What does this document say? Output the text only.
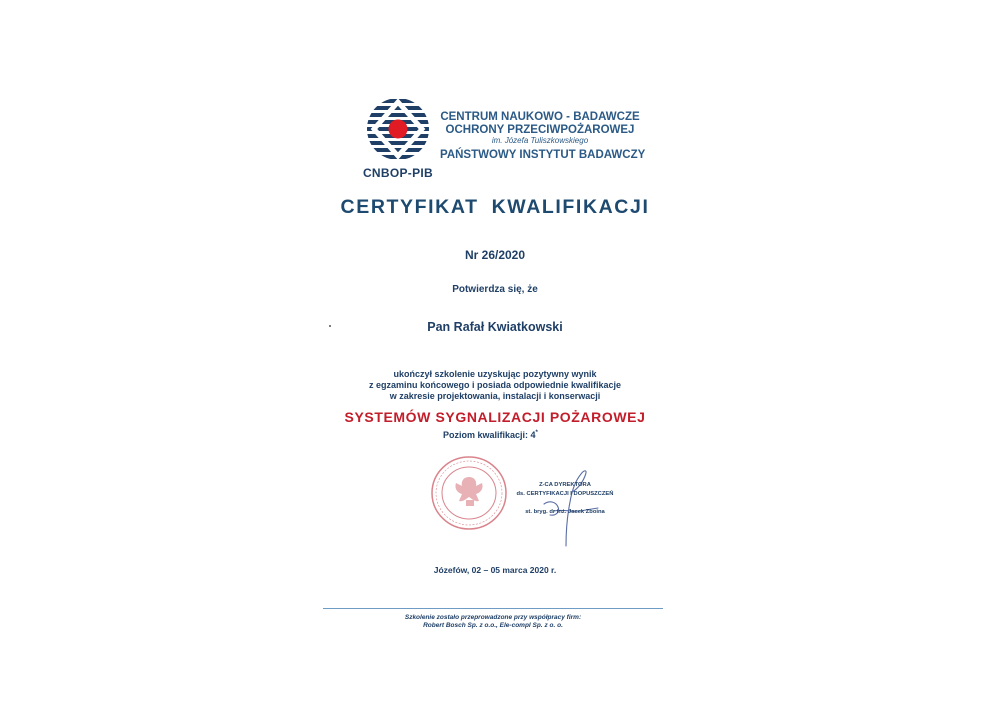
CNBOP-PIB
CENTRUM NAUKOWO - BADAWCZE
OCHRONY PRZECIWPOŻAROWEJ
im. Józefa Tuliszkowskiego
PAŃSTWOWY INSTYTUT BADAWCZY
CERTYFIKAT KWALIFIKACJI
Nr 26/2020
Potwierdza się, że
Pan Rafał Kwiatkowski
ukończył szkolenie uzyskując pozytywny wynik
z egzaminu końcowego i posiada odpowiednie kwalifikacje
w zakresie projektowania, instalacji i konserwacji
SYSTEMÓW SYGNALIZACJI POŻAROWEJ
Poziom kwalifikacji: 4*
Z-CA DYREKTORA
ds. CERTYFIKACJI I DOPUSZCZEŃ
st. bryg. dr inż. Jacek Zboina
Józefów, 02 – 05 marca 2020 r.
Szkolenie zostało przeprowadzone przy współpracy firm:
Robert Bosch Sp. z o.o., Ele-compl Sp. z o. o.
